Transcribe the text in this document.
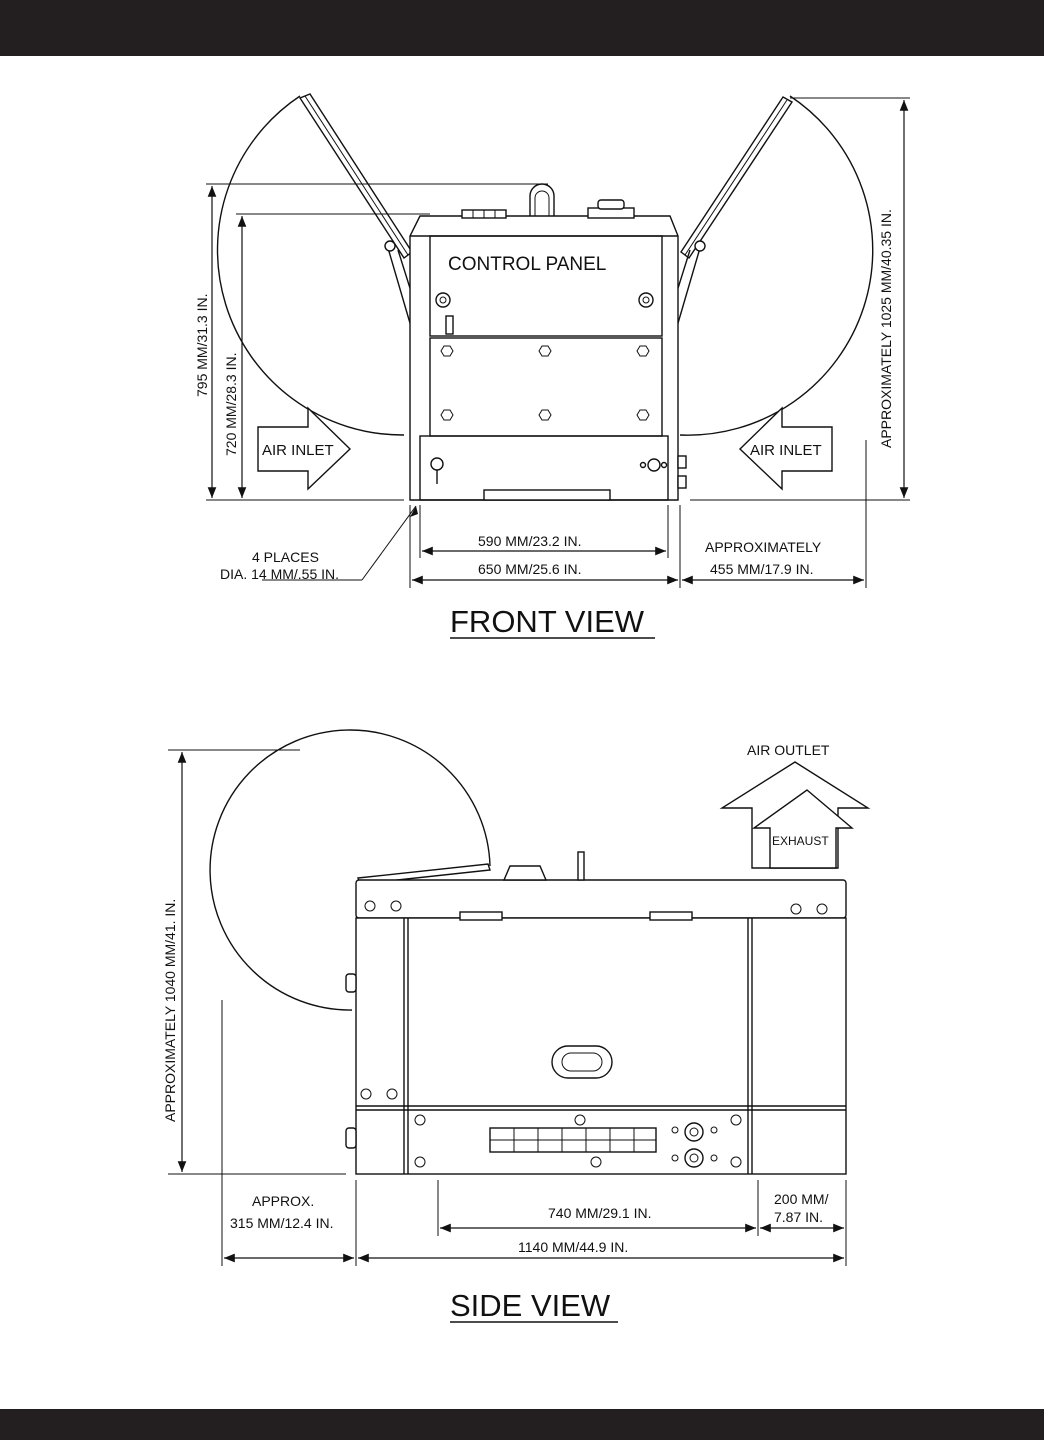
AIR INLET	AIR INLET
CONTROL PANEL
795 MM/31.3 IN.
720 MM/28.3 IN.	APPROXIMATELY 1025 MM/40.35 IN.
590 MM/23.2 IN.
650 MM/25.6 IN.
APPROXIMATELY
455 MM/17.9 IN.
4 PLACES
DIA. 14 MM/.55 IN.
FRONT VIEW
AIR OUTLET
EXHAUST
APPROXIMATELY 1040 MM/41. IN.
APPROX.
315 MM/12.4 IN.
740 MM/29.1 IN.
200 MM/
7.87 IN.
1140 MM/44.9 IN.
SIDE VIEW
